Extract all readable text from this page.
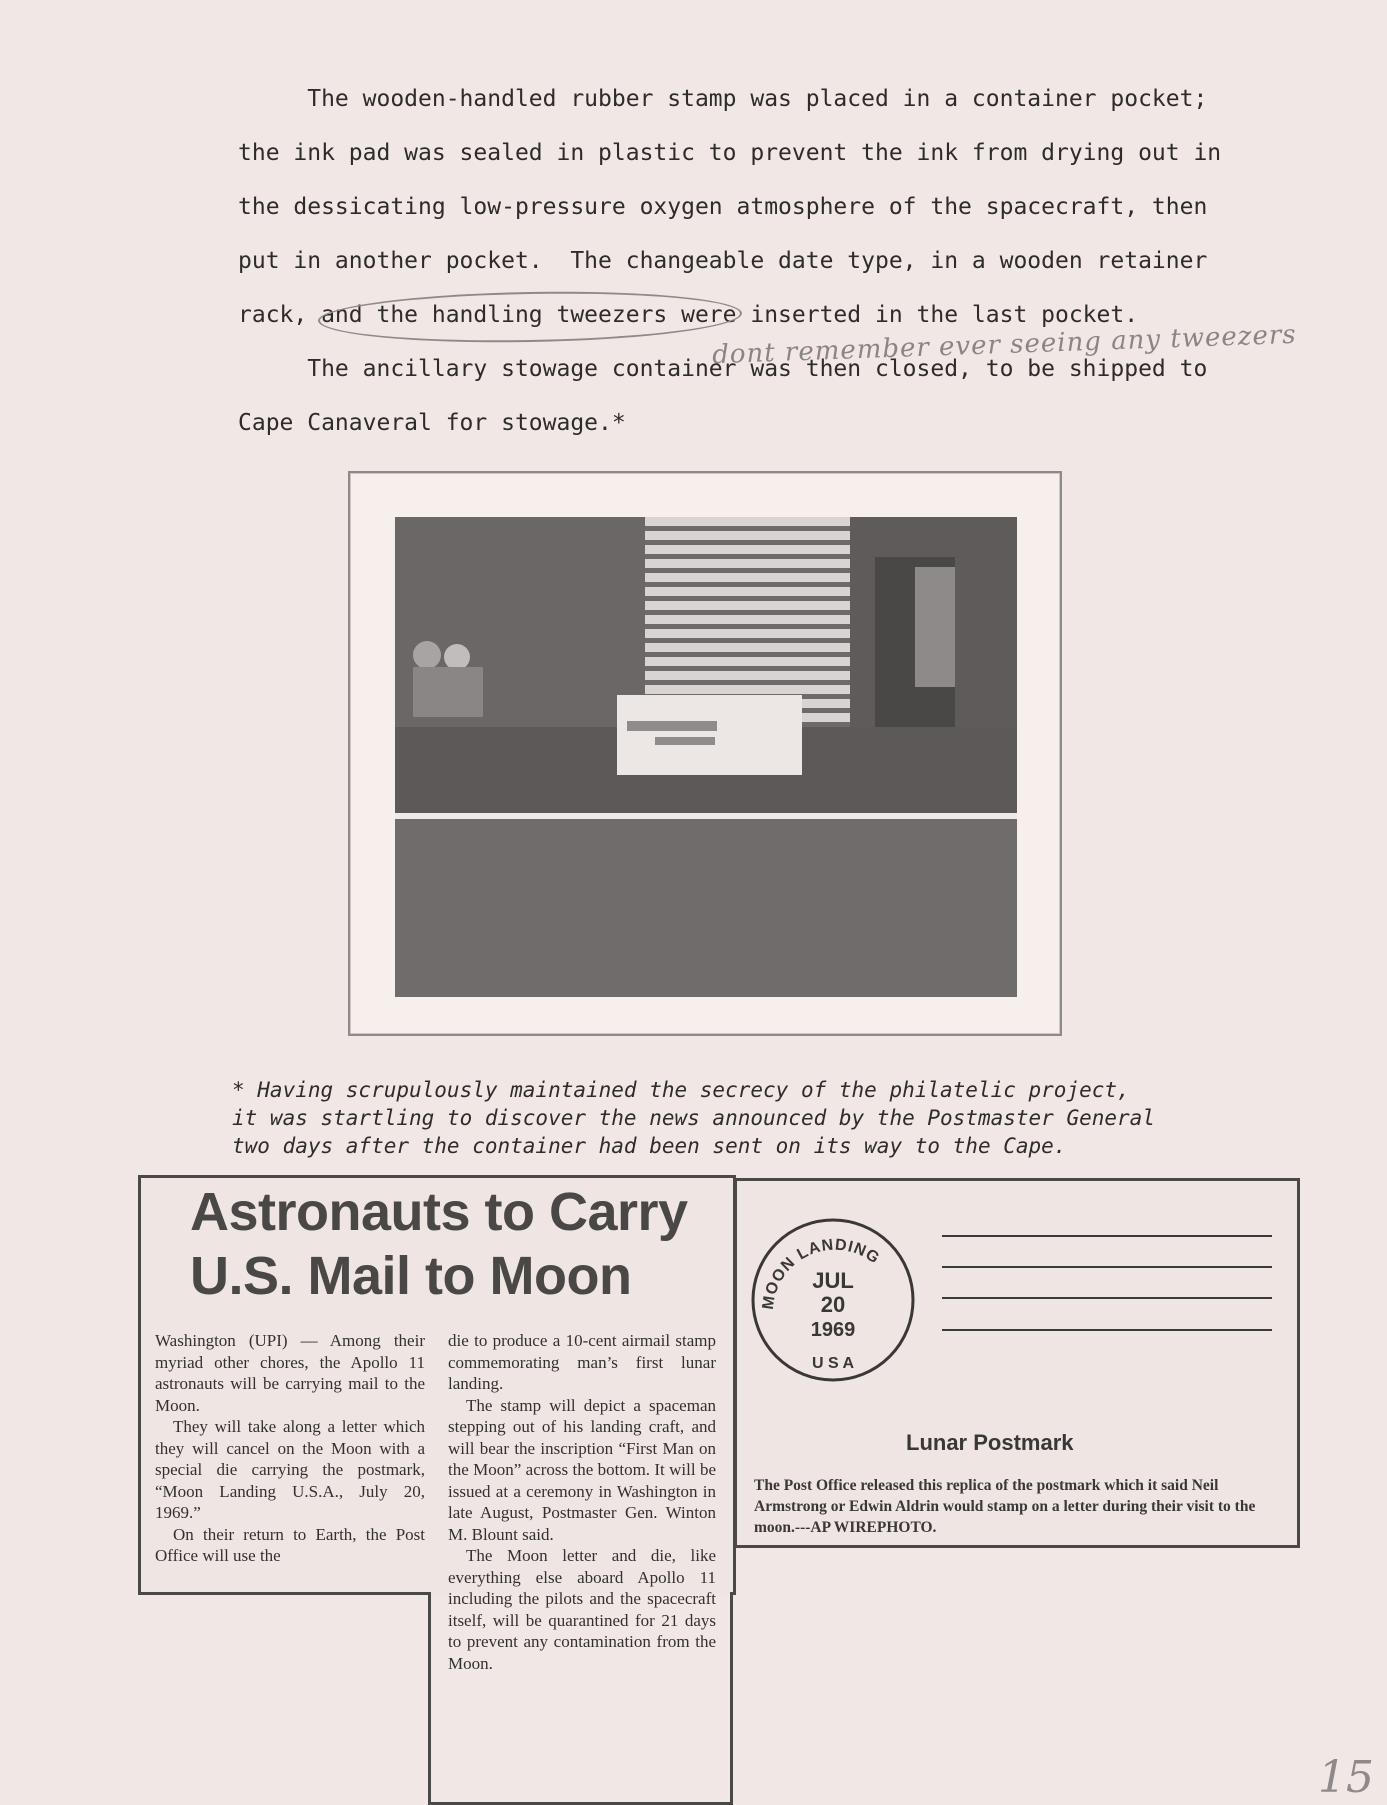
The wooden-handled rubber stamp was placed in a container pocket;
the ink pad was sealed in plastic to prevent the ink from drying out in
the dessicating low-pressure oxygen atmosphere of the spacecraft, then
put in another pocket.  The changeable date type, in a wooden retainer
rack, and the handling tweezers were inserted in the last pocket.
The ancillary stowage container was then closed, to be shipped to
Cape Canaveral for stowage.*
dont remember ever seeing any tweezers
* Having scrupulously maintained the secrecy of the philatelic project,
it was startling to discover the news announced by the Postmaster General
two days after the container had been sent on its way to the Cape.
Astronauts to Carry
U.S. Mail to Moon

Washington (UPI) — Among their myriad other chores, the Apollo 11 astronauts will be carrying mail to the Moon.

They will take along a letter which they will cancel on the Moon with a special die carrying the postmark, “Moon Landing U.S.A., July 20, 1969.”

On their return to Earth, the Post Office will use the

die to produce a 10-cent airmail stamp commemorating man’s first lunar landing.

The stamp will depict a spaceman stepping out of his landing craft, and will bear the inscription “First Man on the Moon” across the bottom. It will be issued at a ceremony in Washington in late August, Postmaster Gen. Winton M. Blount said.

The Moon letter and die, like everything else aboard Apollo 11 including the pilots and the spacecraft itself, will be quarantined for 21 days to prevent any contamination from the Moon.

MOON LANDING
JUL
20
1969
U S A
Lunar Postmark
The Post Office released this replica of the postmark which it said Neil Armstrong or Edwin Aldrin would stamp on a letter during their visit to the moon.---AP WIREPHOTO.
15
